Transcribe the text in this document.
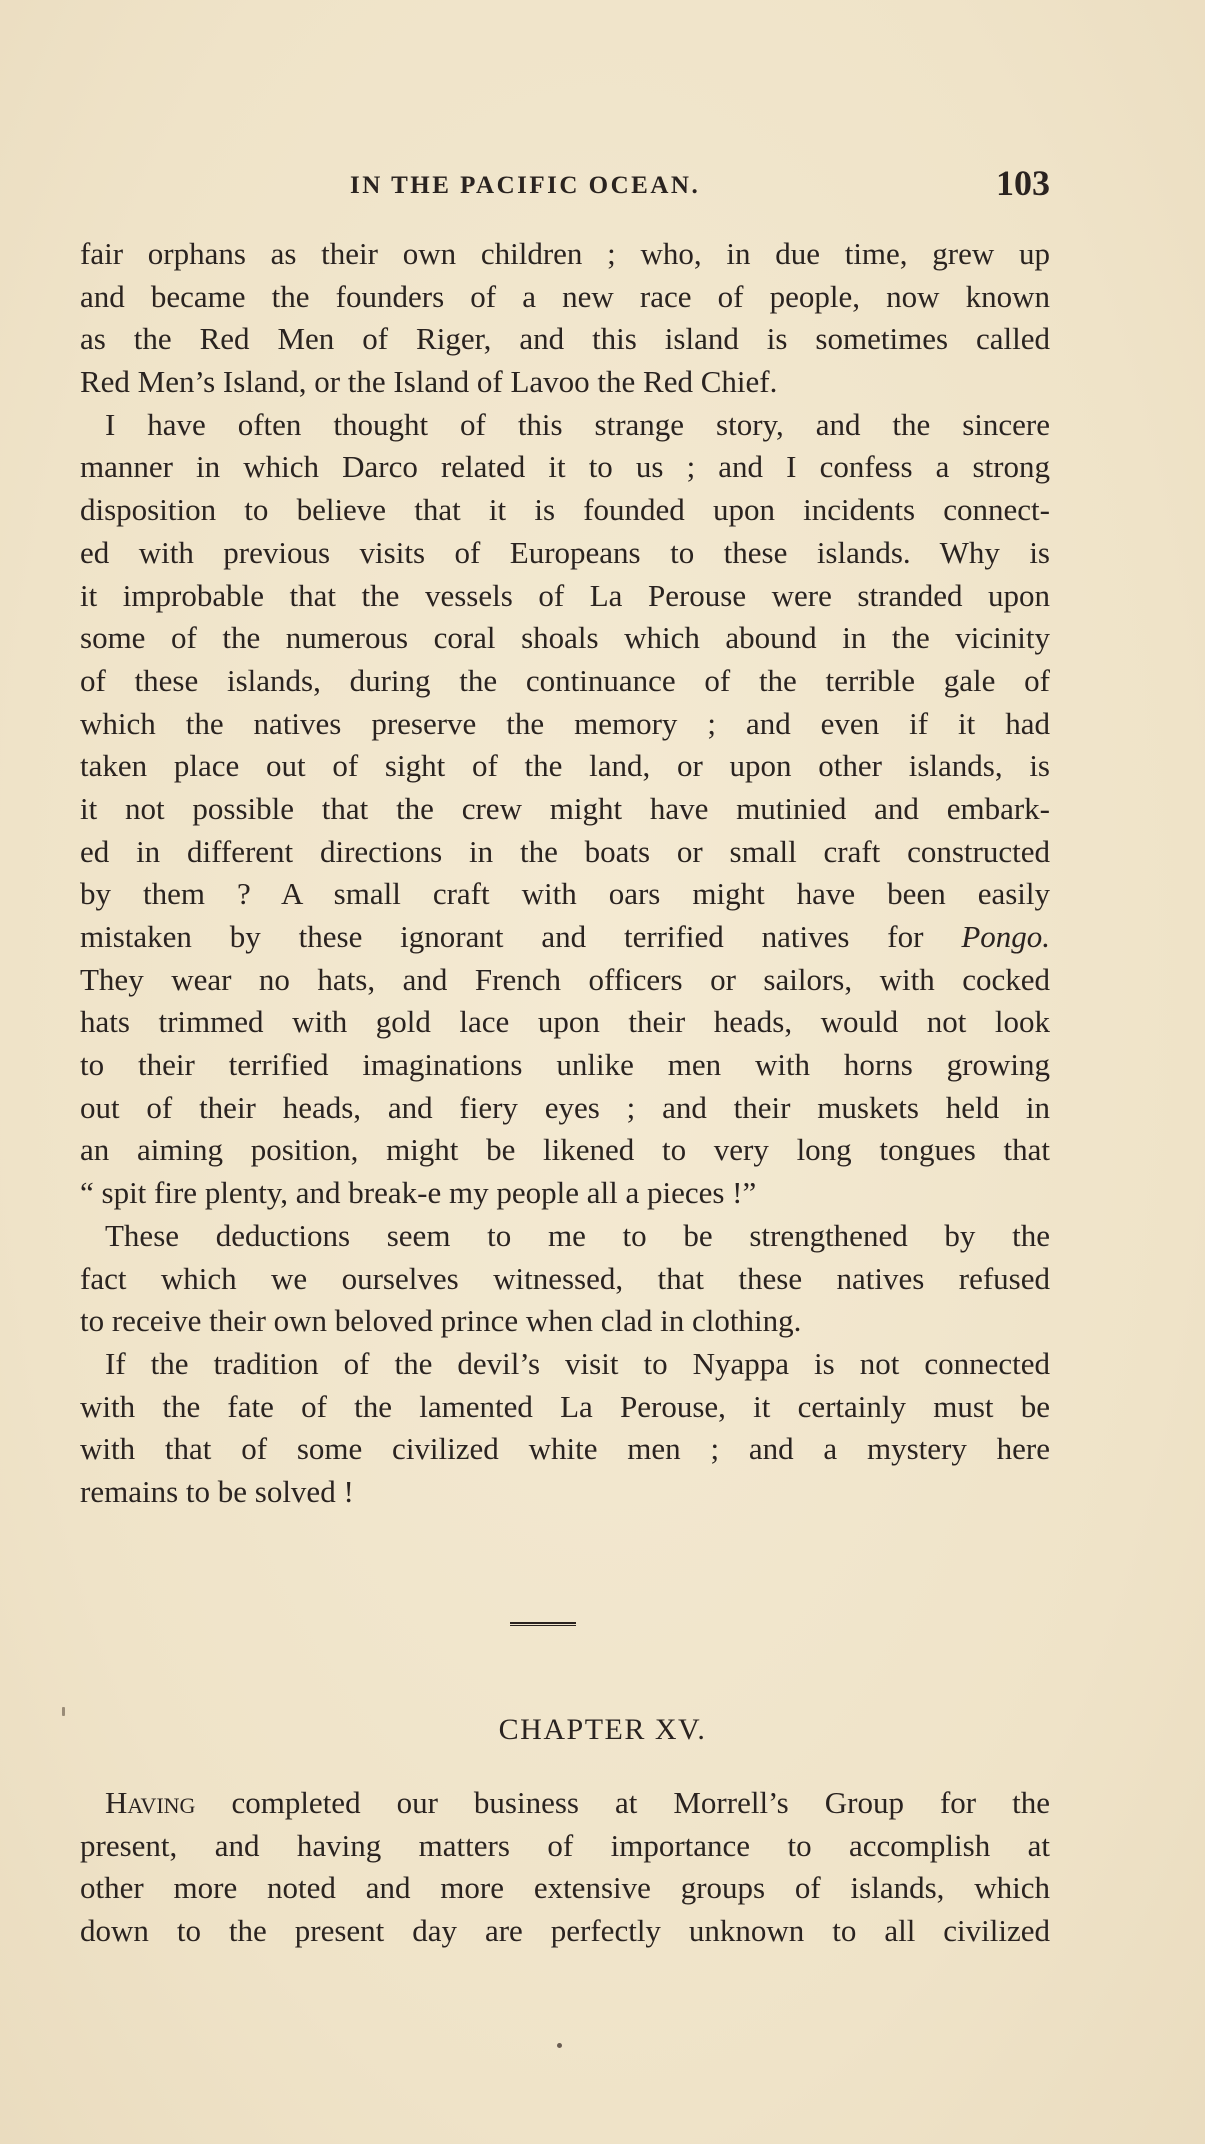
IN THE PACIFIC OCEAN.	103
fair orphans as their own children ; who, in due time, grew up
and became the founders of a new race of people, now known
as the Red Men of Riger, and this island is sometimes called
Red Men’s Island, or the Island of Lavoo the Red Chief.
I have often thought of this strange story, and the sincere
manner in which Darco related it to us ; and I confess a strong
disposition to believe that it is founded upon incidents connect-
ed with previous visits of Europeans to these islands. Why is
it improbable that the vessels of La Perouse were stranded upon
some of the numerous coral shoals which abound in the vicinity
of these islands, during the continuance of the terrible gale of
which the natives preserve the memory ; and even if it had
taken place out of sight of the land, or upon other islands, is
it not possible that the crew might have mutinied and embark-
ed in different directions in the boats or small craft constructed
by them ? A small craft with oars might have been easily
mistaken by these ignorant and terrified natives for Pongo.
They wear no hats, and French officers or sailors, with cocked
hats trimmed with gold lace upon their heads, would not look
to their terrified imaginations unlike men with horns growing
out of their heads, and fiery eyes ; and their muskets held in
an aiming position, might be likened to very long tongues that
“ spit fire plenty, and break-e my people all a pieces !”
These deductions seem to me to be strengthened by the
fact which we ourselves witnessed, that these natives refused
to receive their own beloved prince when clad in clothing.
If the tradition of the devil’s visit to Nyappa is not connected
with the fate of the lamented La Perouse, it certainly must be
with that of some civilized white men ; and a mystery here
remains to be solved !
CHAPTER XV.
Having completed our business at Morrell’s Group for the
present, and having matters of importance to accomplish at
other more noted and more extensive groups of islands, which
down to the present day are perfectly unknown to all civilized
